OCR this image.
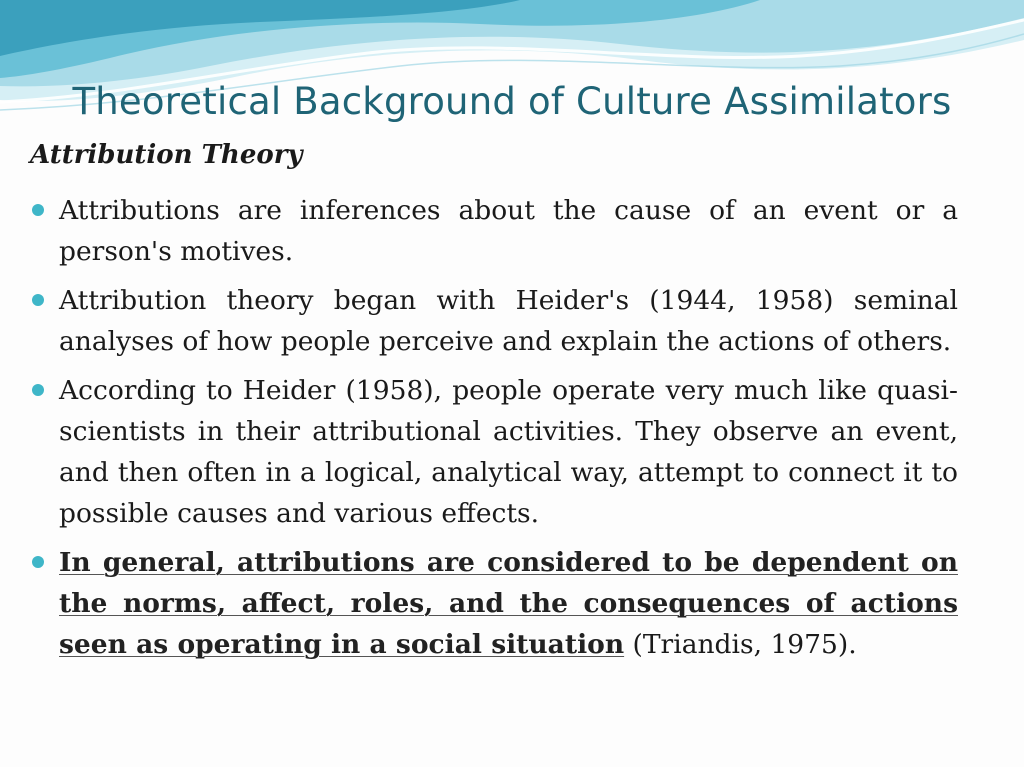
Theoretical Background of Culture Assimilators

Attribution Theory

Attributions are inferences about the cause of an event or a person's motives.
Attribution theory began with Heider's (1944, 1958) seminal analyses of how people perceive and explain the actions of others.
According to Heider (1958), people operate very much like quasi-scientists in their attributional activities. They observe an event, and then often in a logical, analytical way, attempt to connect it to possible causes and various effects.
In general, attributions are considered to be dependent on the norms, affect, roles, and the consequences of actions seen as operating in a social situation (Triandis, 1975).
